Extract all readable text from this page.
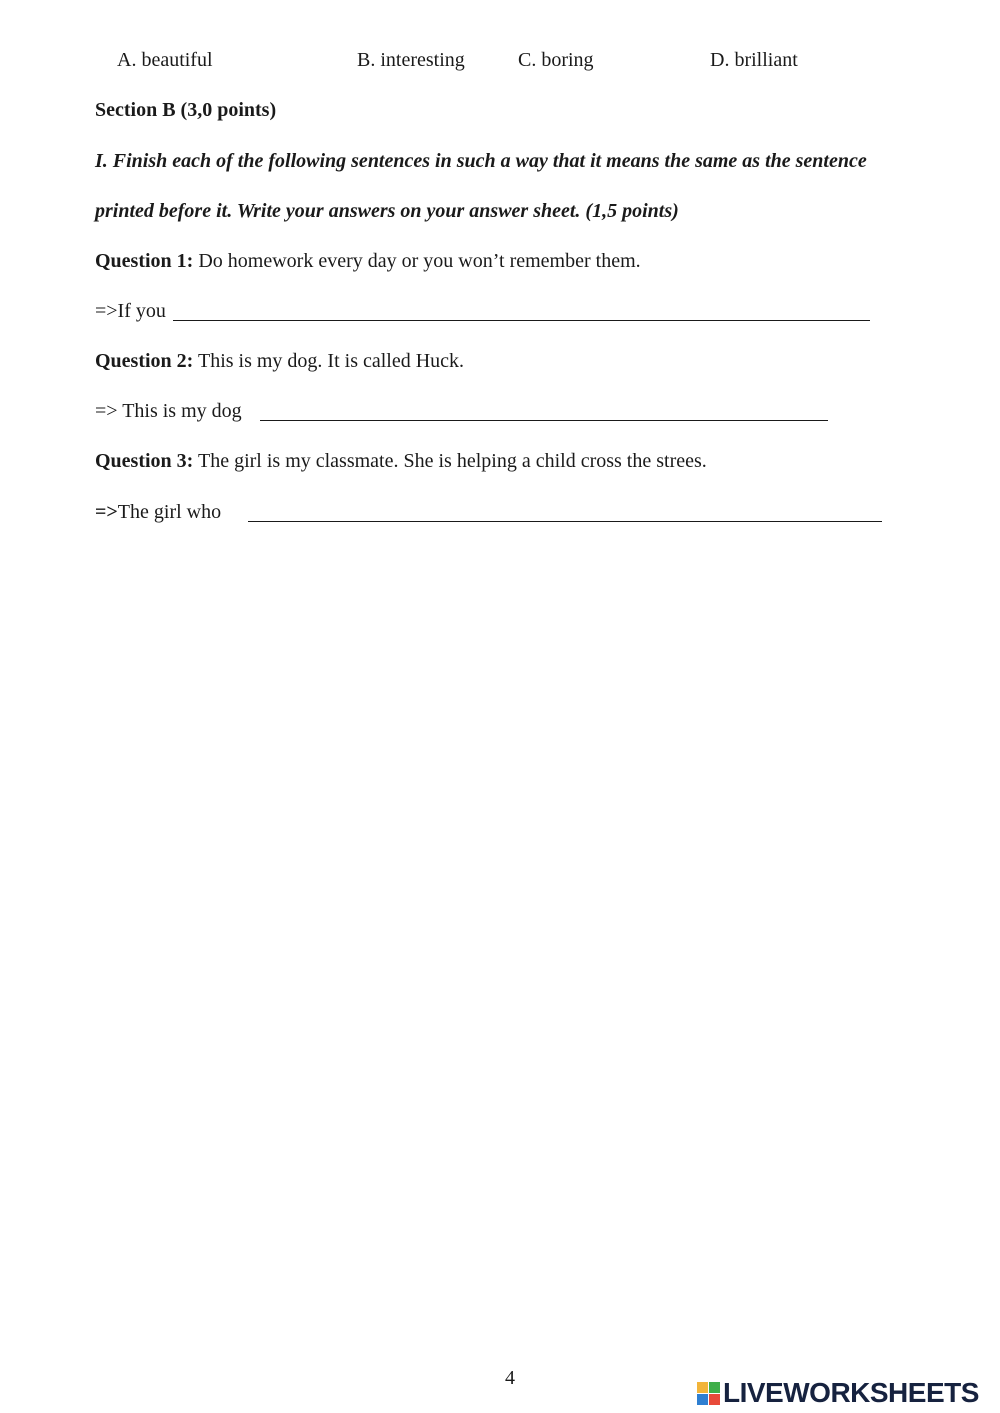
A. beautiful	B. interesting	C. boring	D. brilliant
Section B (3,0 points)
I. Finish each of the following sentences in such a way that it means the same as the sentence
printed before it. Write your answers on your answer sheet. (1,5 points)
Question 1: Do homework every day or you won’t remember them.
=>If you
Question 2: This is my dog. It is called Huck.
=> This is my dog
Question 3: The girl is my classmate. She is helping a child cross the strees.
=>The girl who
4	LIVEWORKSHEETS
